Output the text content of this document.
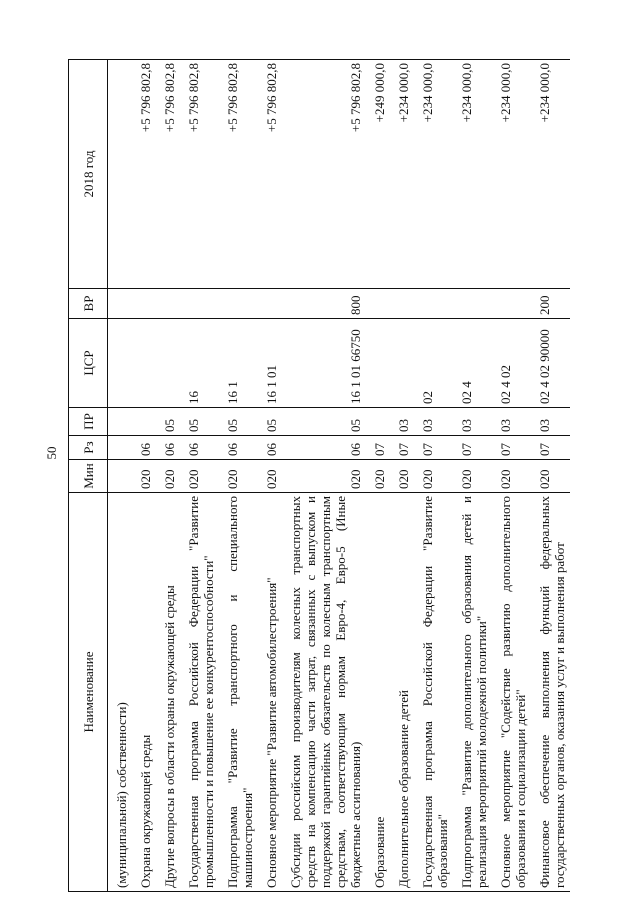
50
Наименование	Мин	Рз	ПР	ЦСР	ВР	2018 год
(муниципальной) собственности)						
Охрана окружающей среды	020	06				+5 796 802,8
Другие вопросы в области охраны окружающей среды	020	06	05			+5 796 802,8
Государственная программа Российской Федерации "Развитие промышленности и повышение ее конкурентоспособности"	020	06	05	16		+5 796 802,8
Подпрограмма "Развитие транспортного и специального машиностроения"	020	06	05	16 1		+5 796 802,8
Основное мероприятие "Развитие автомобилестроения"	020	06	05	16 1 01		+5 796 802,8
Субсидии российским производителям колесных транспортных средств на компенсацию части затрат, связанных с выпуском и поддержкой гарантийных обязательств по колесным транспортным средствам, соответствующим нормам Евро-4, Евро-5 (Иные бюджетные ассигнования)	020	06	05	16 1 01 66750	800	+5 796 802,8
Образование	020	07				+249 000,0
Дополнительное образование детей	020	07	03			+234 000,0
Государственная программа Российской Федерации "Развитие образования"	020	07	03	02		+234 000,0
Подпрограмма "Развитие дополнительного образования детей и реализация мероприятий молодежной политики"	020	07	03	02 4		+234 000,0
Основное мероприятие "Содействие развитию дополнительного образования и социализации детей"	020	07	03	02 4 02		+234 000,0
Финансовое обеспечение выполнения функций федеральных государственных органов, оказания услуг и выполнения работ	020	07	03	02 4 02 90000	200	+234 000,0
